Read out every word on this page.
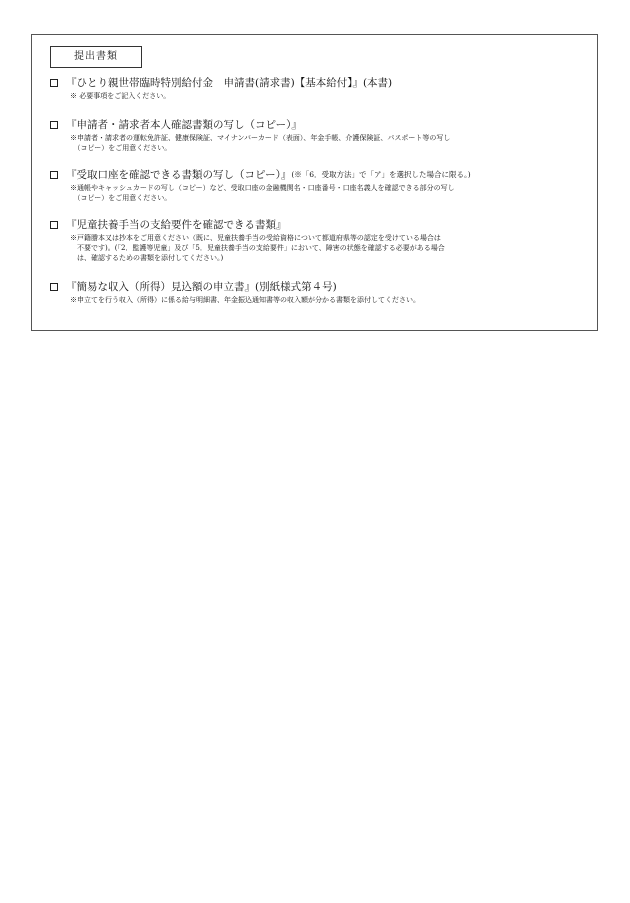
提出書類
『ひとり親世帯臨時特別給付金　申請書(請求書)【基本給付】』(本書)
※ 必要事項をご記入ください。
『申請者・請求者本人確認書類の写し（コピー）』
※申請者・請求者の運転免許証、健康保険証、マイナンバーカード（表面）、年金手帳、介護保険証、パスポート等の写し
　（コピー）をご用意ください。
『受取口座を確認できる書類の写し（コピー）』 (※「6．受取方法」で「ア」を選択した場合に限る。)
※通帳やキャッシュカードの写し（コピー）など、受取口座の金融機関名・口座番号・口座名義人を確認できる部分の写し
　（コピー）をご用意ください。
『児童扶養手当の支給要件を確認できる書類』
※戸籍謄本又は抄本をご用意ください（既に、児童扶養手当の受給資格について都道府県等の認定を受けている場合は
　不要です)。(「2．監護等児童」及び「5．児童扶養手当の支給要件」において、障害の状態を確認する必要がある場合
　は、確認するための書類を添付してください。)
『簡易な収入（所得）見込額の申立書』(別紙様式第４号)
※申立てを行う収入（所得）に係る給与明細書、年金振込通知書等の収入額が分かる書類を添付してください。
